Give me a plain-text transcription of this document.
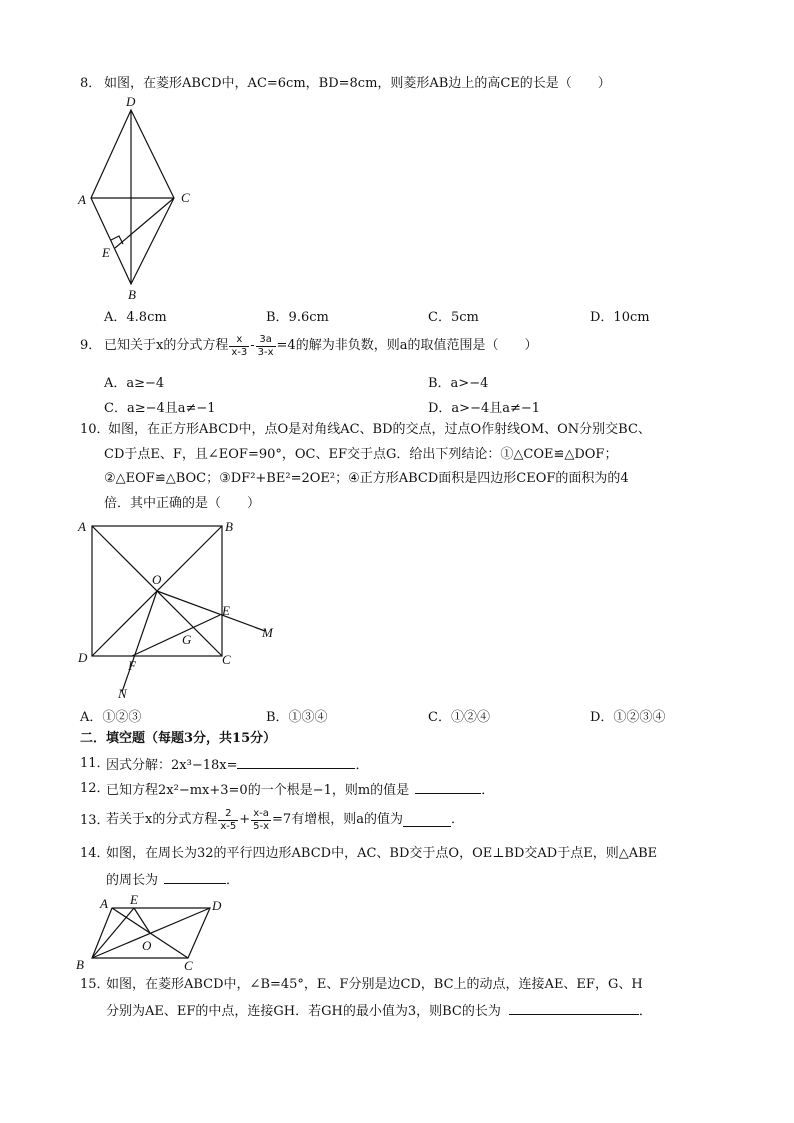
8． 如图，在菱形ABCD中，AC=6cm，BD=8cm，则菱形AB边上的高CE的长是（　　）
D
A	C
E
B
A．4.8cm	B．9.6cm	C．5cm	D．10cm
9． 已知关于x的分式方程 $\frac{x}{x-3} - \frac{3a}{3-x} =4$的解为非负数，则a的取值范围是（　　）
A．a≥−4	B．a>−4
C．a≥−4且a≠−1	D．a>−4且a≠−1
10．
如图，在正方形ABCD中，点O是对角线AC、BD的交点，过点O作射线OM、ON分别交BC、
CD于点E、F，且∠EOF=90°，OC、EF交于点G．给出下列结论：①△COE≌△DOF；
②△EOF≌△BOC；③DF²+BE²=2OE²；④正方形ABCD面积是四边形CEOF的面积为的4
倍．其中正确的是（　　）
A	B
O
E
M
G
D	C
F
N
A．①②③	B．①③④	C．①②④	D．①②③④
二．填空题（每题3分，共15分）
11．
因式分解：2x³−18x=	．
12．
已知方程2x²−mx+3=0的一个根是−1，则m的值是	．
13．
若关于x的分式方程 $\frac{2}{x-5} + \frac{x-a}{5-x} =7$有增根，则a的值为	．
14．
如图，在周长为32的平行四边形ABCD中，AC、BD交于点O，OE⊥BD交AD于点E，则△ABE
的周长为	．
A E	D
O
B	C
15．
如图，在菱形ABCD中，∠B=45°，E、F分别是边CD，BC上的动点，连接AE、EF，G、H
分别为AE、EF的中点，连接GH．若GH的最小值为3，则BC的长为	．
